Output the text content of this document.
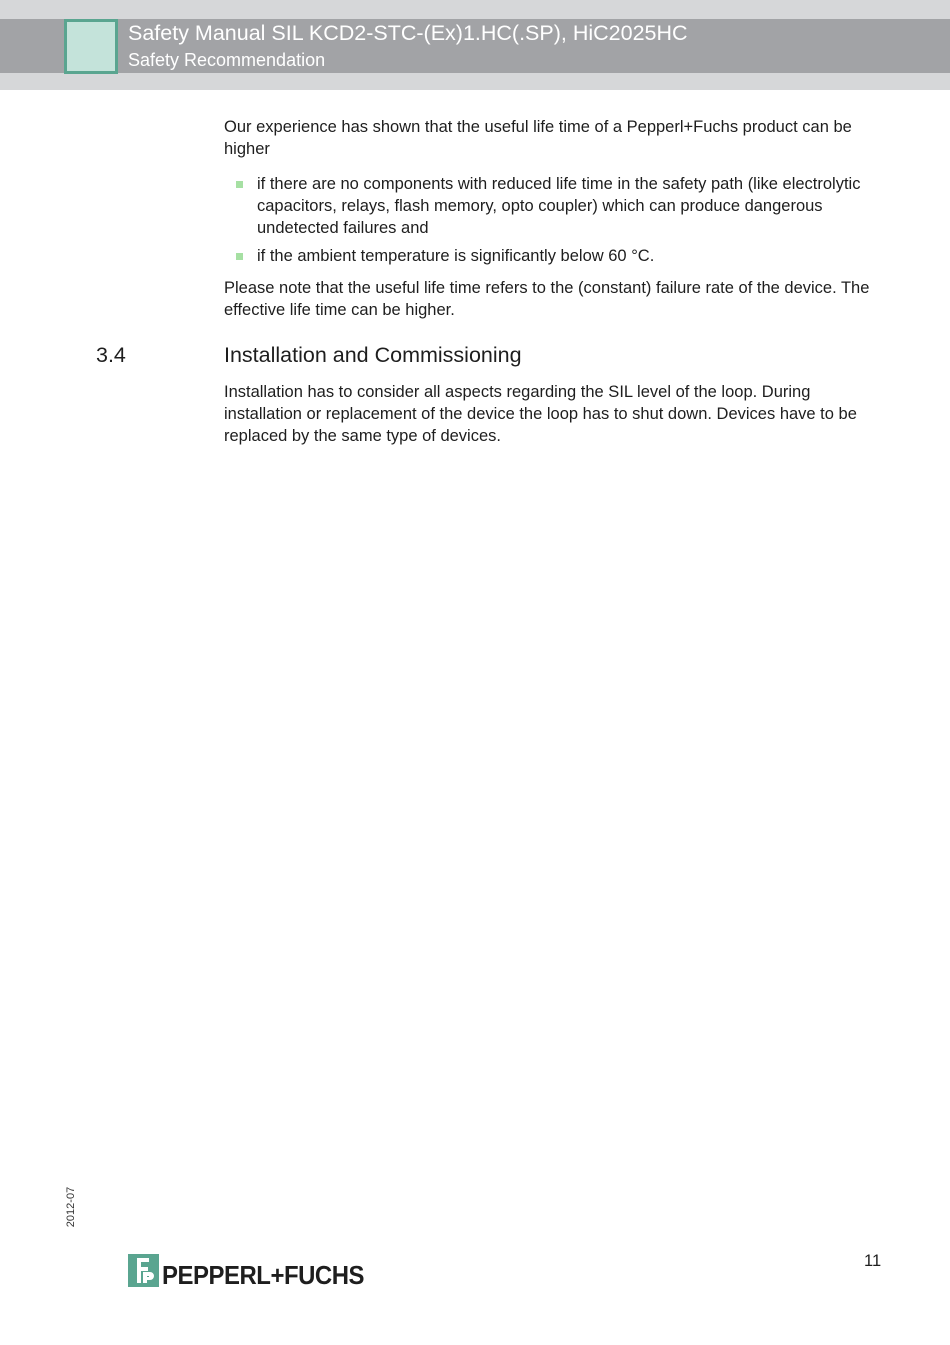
Safety Manual SIL KCD2-STC-(Ex)1.HC(.SP), HiC2025HC
Safety Recommendation

Our experience has shown that the useful life time of a Pepperl+Fuchs product can be higher

if there are no components with reduced life time in the safety path (like electrolytic capacitors, relays, flash memory, opto coupler) which can produce dangerous undetected failures and
if the ambient temperature is significantly below 60 °C.

Please note that the useful life time refers to the (constant) failure rate of the device. The effective life time can be higher.

3.4	Installation and Commissioning

Installation has to consider all aspects regarding the SIL level of the loop. During installation or replacement of the device the loop has to shut down. Devices have to be replaced by the same type of devices.

2012-07
11
PEPPERL+FUCHS
